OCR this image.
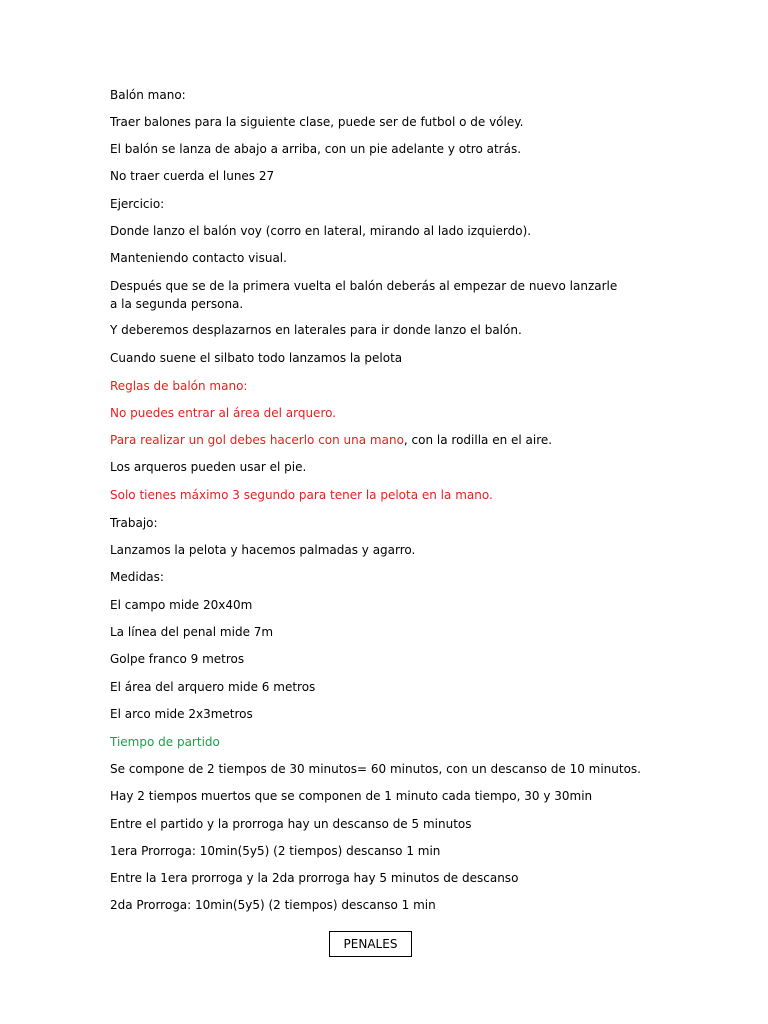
Balón mano:
Traer balones para la siguiente clase, puede ser de futbol o de vóley.
El balón se lanza de abajo a arriba, con un pie adelante y otro atrás.
No traer cuerda el lunes 27
Ejercicio:
Donde lanzo el balón voy (corro en lateral, mirando al lado izquierdo).
Manteniendo contacto visual.
Después que se de la primera vuelta el balón deberás al empezar de nuevo lanzarle a la segunda persona.
Y deberemos desplazarnos en laterales para ir donde lanzo el balón.
Cuando suene el silbato todo lanzamos la pelota
Reglas de balón mano:
No puedes entrar al área del arquero.
Para realizar un gol debes hacerlo con una mano, con la rodilla en el aire.
Los arqueros pueden usar el pie.
Solo tienes máximo 3 segundo para tener la pelota en la mano.
Trabajo:
Lanzamos la pelota y hacemos palmadas y agarro.
Medidas:
El campo mide 20x40m
La línea del penal mide 7m
Golpe franco 9 metros
El área del arquero mide 6 metros
El arco mide 2x3metros
Tiempo de partido
Se compone de 2 tiempos de 30 minutos= 60 minutos, con un descanso de 10 minutos.
Hay 2 tiempos muertos que se componen de 1 minuto cada tiempo, 30 y 30min
Entre el partido y la prorroga hay un descanso de 5 minutos
1era Prorroga: 10min(5y5) (2 tiempos) descanso 1 min
Entre la 1era prorroga y la 2da prorroga hay 5 minutos de descanso
2da Prorroga: 10min(5y5) (2 tiempos) descanso 1 min
PENALES
